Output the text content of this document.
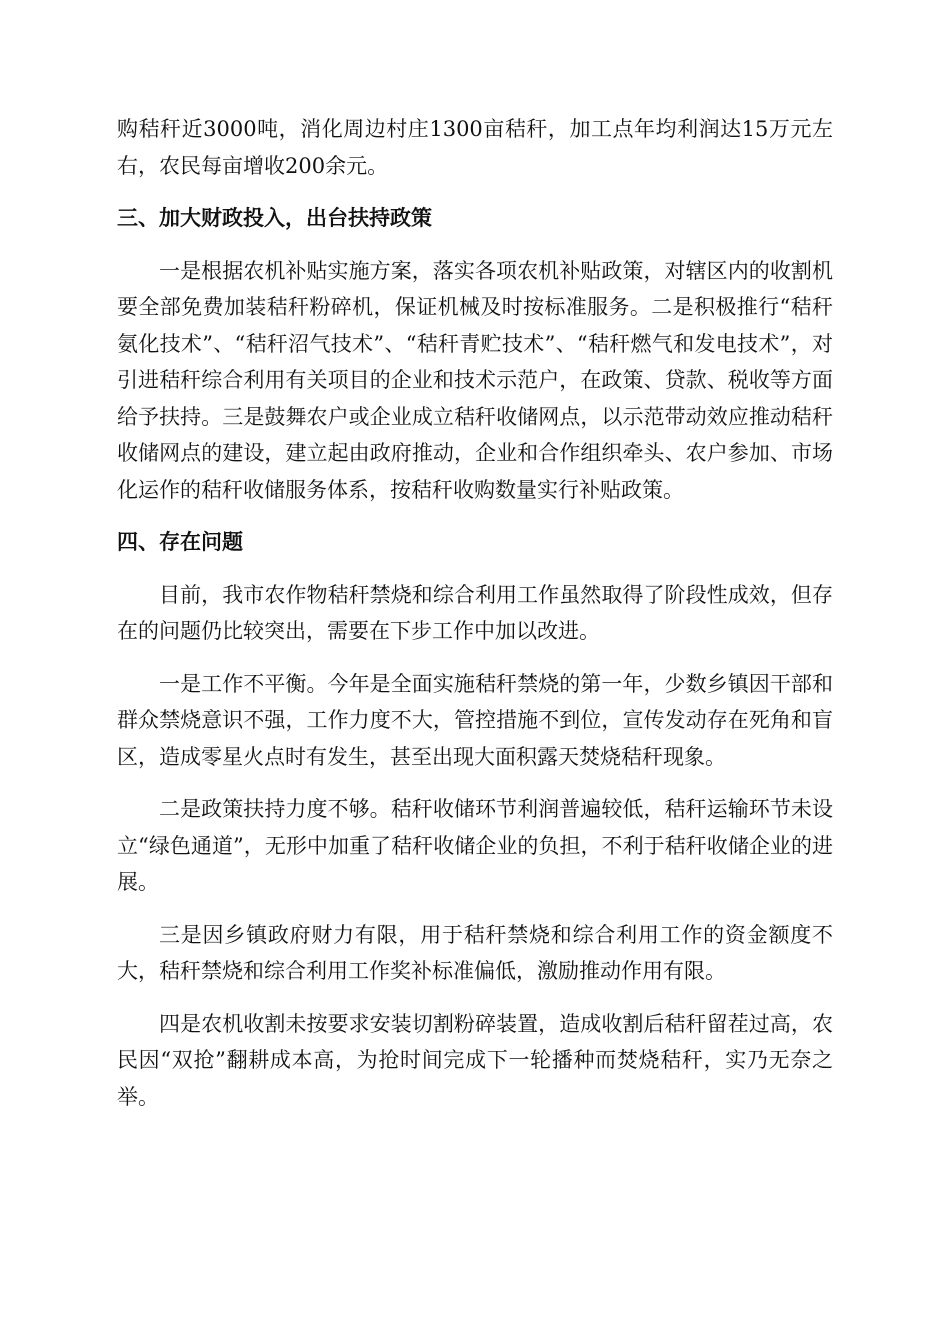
购秸秆近3000吨，消化周边村庄1300亩秸秆，加工点年均利润达15万元左右，农民每亩增收200余元。

三、加大财政投入，出台扶持政策

一是根据农机补贴实施方案，落实各项农机补贴政策，对辖区内的收割机要全部免费加装秸秆粉碎机，保证机械及时按标准服务。二是积极推行“秸秆氨化技术”、“秸秆沼气技术”、“秸秆青贮技术”、“秸秆燃气和发电技术”，对引进秸秆综合利用有关项目的企业和技术示范户，在政策、贷款、税收等方面给予扶持。三是鼓舞农户或企业成立秸秆收储网点，以示范带动效应推动秸秆收储网点的建设，建立起由政府推动，企业和合作组织牵头、农户参加、市场化运作的秸秆收储服务体系，按秸秆收购数量实行补贴政策。

四、存在问题

目前，我市农作物秸秆禁烧和综合利用工作虽然取得了阶段性成效，但存在的问题仍比较突出，需要在下步工作中加以改进。

一是工作不平衡。今年是全面实施秸秆禁烧的第一年，少数乡镇因干部和群众禁烧意识不强，工作力度不大，管控措施不到位，宣传发动存在死角和盲区，造成零星火点时有发生，甚至出现大面积露天焚烧秸秆现象。

二是政策扶持力度不够。秸秆收储环节利润普遍较低，秸秆运输环节未设立“绿色通道”，无形中加重了秸秆收储企业的负担，不利于秸秆收储企业的进展。

三是因乡镇政府财力有限，用于秸秆禁烧和综合利用工作的资金额度不大，秸秆禁烧和综合利用工作奖补标准偏低，激励推动作用有限。

四是农机收割未按要求安装切割粉碎装置，造成收割后秸秆留茬过高，农民因“双抢”翻耕成本高，为抢时间完成下一轮播种而焚烧秸秆，实乃无奈之举。
